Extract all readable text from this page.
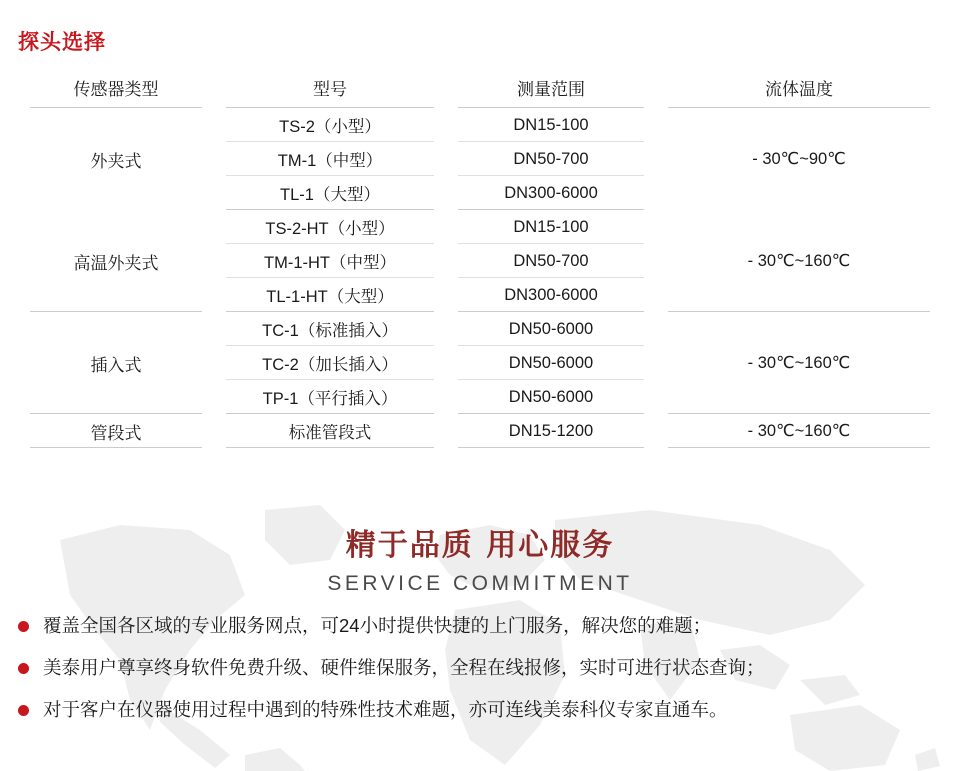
探头选择
传感器类型	型号	测量范围	流体温度
外夹式	TS-2（小型）	DN15-100	- 30℃~90℃
	TM-1（中型）	DN50-700	
	TL-1（大型）	DN300-6000	
高温外夹式	TS-2-HT（小型）	DN15-100	- 30℃~160℃
	TM-1-HT（中型）	DN50-700	
	TL-1-HT（大型）	DN300-6000	
插入式	TC-1（标准插入）	DN50-6000	- 30℃~160℃
	TC-2（加长插入）	DN50-6000	
	TP-1（平行插入）	DN50-6000	
管段式	标准管段式	DN15-1200	- 30℃~160℃
精于品质 用心服务
SERVICE COMMITMENT
覆盖全国各区域的专业服务网点，可24小时提供快捷的上门服务，解决您的难题；
美泰用户尊享终身软件免费升级、硬件维保服务，全程在线报修，实时可进行状态查询；
对于客户在仪器使用过程中遇到的特殊性技术难题，亦可连线美泰科仪专家直通车。
